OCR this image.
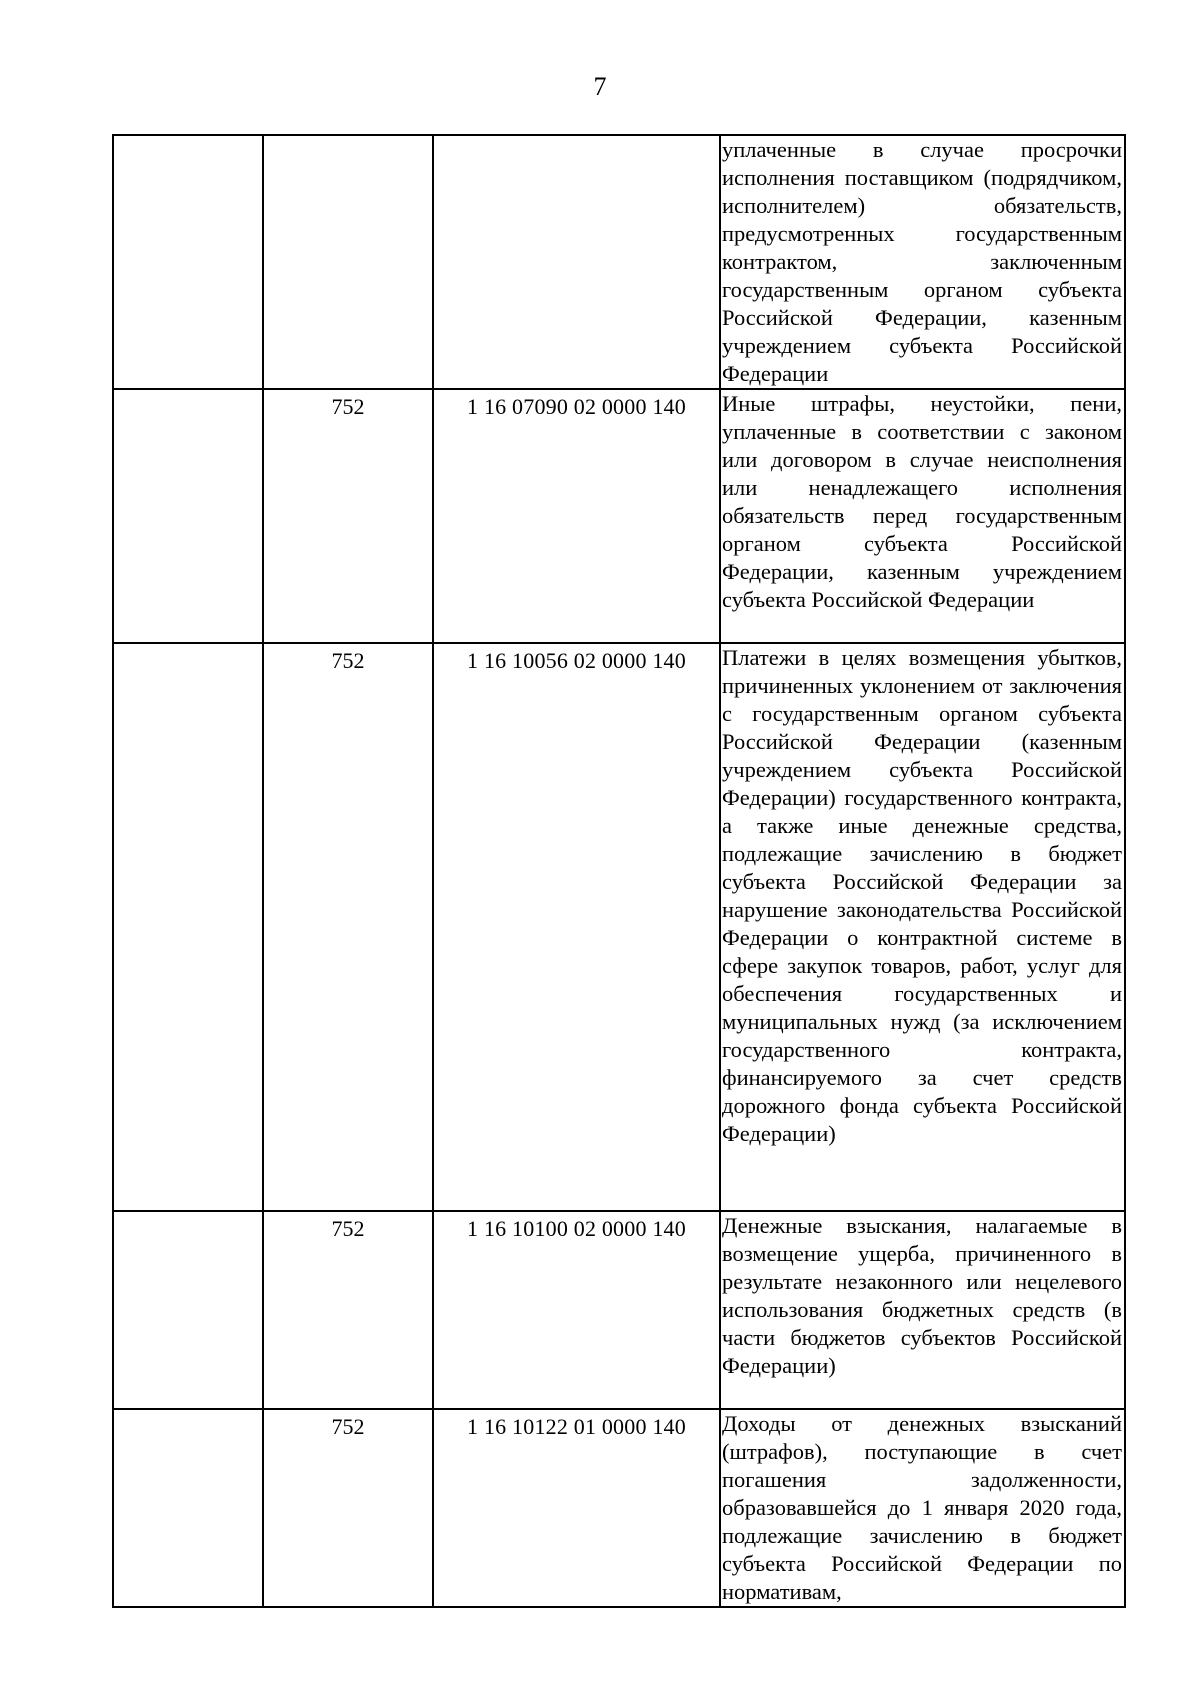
7

			уплаченные в случае просрочки исполнения поставщиком (подрядчиком, исполнителем) обязательств, предусмотренных государственным контрактом, заключенным государственным органом субъекта Российской Федерации, казенным учреждением субъекта Российской Федерации

	752	1 16 07090 02 0000 140	Иные штрафы, неустойки, пени, уплаченные в соответствии с законом или договором в случае неисполнения или ненадлежащего исполнения обязательств перед государственным органом субъекта Российской Федерации, казенным учреждением субъекта Российской Федерации

	752	1 16 10056 02 0000 140	Платежи в целях возмещения убытков, причиненных уклонением от заключения с государственным органом субъекта Российской Федерации (казенным учреждением субъекта Российской Федерации) государственного контракта, а также иные денежные средства, подлежащие зачислению в бюджет субъекта Российской Федерации за нарушение законодательства Российской Федерации о контрактной системе в сфере закупок товаров, работ, услуг для обеспечения государственных и муниципальных нужд (за исключением государственного контракта, финансируемого за счет средств дорожного фонда субъекта Российской Федерации)

	752	1 16 10100 02 0000 140	Денежные взыскания, налагаемые в возмещение ущерба, причиненного в результате незаконного или нецелевого использования бюджетных средств (в части бюджетов субъектов Российской Федерации)

	752	1 16 10122 01 0000 140	Доходы от денежных взысканий (штрафов), поступающие в счет погашения задолженности, образовавшейся до 1 января 2020 года, подлежащие зачислению в бюджет субъекта Российской Федерации по нормативам,
